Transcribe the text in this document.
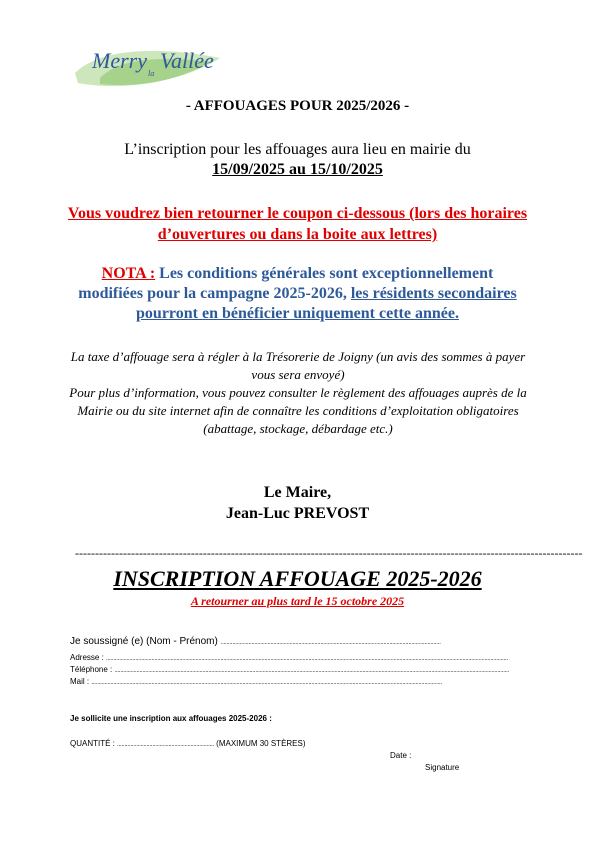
Merry
la
Vallée
- AFFOUAGES POUR 2025/2026 -
L’inscription pour les affouages aura lieu en mairie du
15/09/2025 au 15/10/2025
Vous voudrez bien retourner le coupon ci-dessous (lors des horaires d’ouvertures ou dans la boite aux lettres)
NOTA : Les conditions générales sont exceptionnellement modifiées pour la campagne 2025-2026, les résidents secondaires pourront en bénéficier uniquement cette année.
La taxe d’affouage sera à régler à la Trésorerie de Joigny (un avis des sommes à payer vous sera envoyé)
Pour plus d’information, vous pouvez consulter le règlement des affouages auprès de la Mairie ou du site internet afin de connaître les conditions d’exploitation obligatoires (abattage, stockage, débardage etc.)
Le Maire,
Jean-Luc PREVOST
-------------------------------------------------------------------------------------------------------------------------------
INSCRIPTION AFFOUAGE 2025-2026
A retourner au plus tard le 15 octobre 2025
Je soussigné (e) (Nom - Prénom) ......................................................................................................................................................
Adresse : ..................................................................................................................................................................................................................................................................................
Téléphone : .............................................................................................................................................................................................................................................................................
Mail : ...............................................................................................................................................................................................................................................
Je sollicite une inscription aux affouages 2025-2026 :
QUANTITÉ : .................................................................. (MAXIMUM 30 STÈRES)
Date :
Signature
